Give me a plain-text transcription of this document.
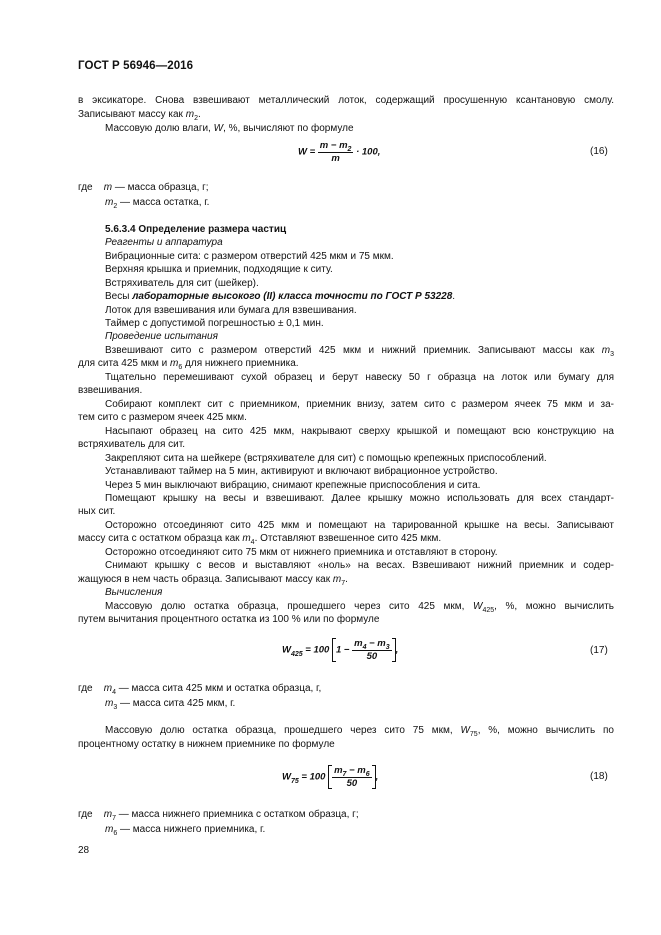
ГОСТ Р 56946—2016
в эксикаторе. Снова взвешивают металлический лоток, содержащий просушенную ксантановую смолу.
Записывают массу как $m_2$.
Массовую долю влаги, W, %, вычисляют по формуле
$W = \frac{m - m_2}{m} \cdot 100$,	(16)
где m — масса образца, г;
$m_2$ — масса остатка, г.
5.6.3.4 Определение размера частиц
Реагенты и аппаратура
Вибрационные сита: с размером отверстий 425 мкм и 75 мкм.
Верхняя крышка и приемник, подходящие к ситу.
Встряхиватель для сит (шейкер).
Весы лабораторные высокого (II) класса точности по ГОСТ Р 53228.
Лоток для взвешивания или бумага для взвешивания.
Таймер с допустимой погрешностью ± 0,1 мин.
Проведение испытания
Взвешивают сито с размером отверстий 425 мкм и нижний приемник. Записывают массы как $m_3$
для сита 425 мкм и $m_6$ для нижнего приемника.
Тщательно перемешивают сухой образец и берут навеску 50 г образца на лоток или бумагу для
взвешивания.
Собирают комплект сит с приемником, приемник внизу, затем сито с размером ячеек 75 мкм и за-
тем сито с размером ячеек 425 мкм.
Насыпают образец на сито 425 мкм, накрывают сверху крышкой и помещают всю конструкцию на
встряхиватель для сит.
Закрепляют сита на шейкере (встряхивателе для сит) с помощью крепежных приспособлений.
Устанавливают таймер на 5 мин, активируют и включают вибрационное устройство.
Через 5 мин выключают вибрацию, снимают крепежные приспособления и сита.
Помещают крышку на весы и взвешивают. Далее крышку можно использовать для всех стандарт-
ных сит.
Осторожно отсоединяют сито 425 мкм и помещают на тарированной крышке на весы. Записывают
массу сита с остатком образца как $m_4$. Отставляют взвешенное сито 425 мкм.
Осторожно отсоединяют сито 75 мкм от нижнего приемника и отставляют в сторону.
Снимают крышку с весов и выставляют «ноль» на весах. Взвешивают нижний приемник и содер-
жащуюся в нем часть образца. Записывают массу как $m_7$.
Вычисления
Массовую долю остатка образца, прошедшего через сито 425 мкм, $W_{425}$, %, можно вычислить
путем вычитания процентного остатка из 100 % или по формуле
$W_{425} = 100$ $1 - \frac{m_4 - m_3}{50}$ ,	(17)
где $m_4$ — масса сита 425 мкм и остатка образца, г,
$m_3$ — масса сита 425 мкм, г.
Массовую долю остатка образца, прошедшего через сито 75 мкм, $W_{75}$, %, можно вычислить по
процентному остатку в нижнем приемнике по формуле
$W_{75} = 100 \frac{m_7 - m_6}{50}$ ,	(18)
где $m_7$ — масса нижнего приемника с остатком образца, г;
$m_6$ — масса нижнего приемника, г.
28
